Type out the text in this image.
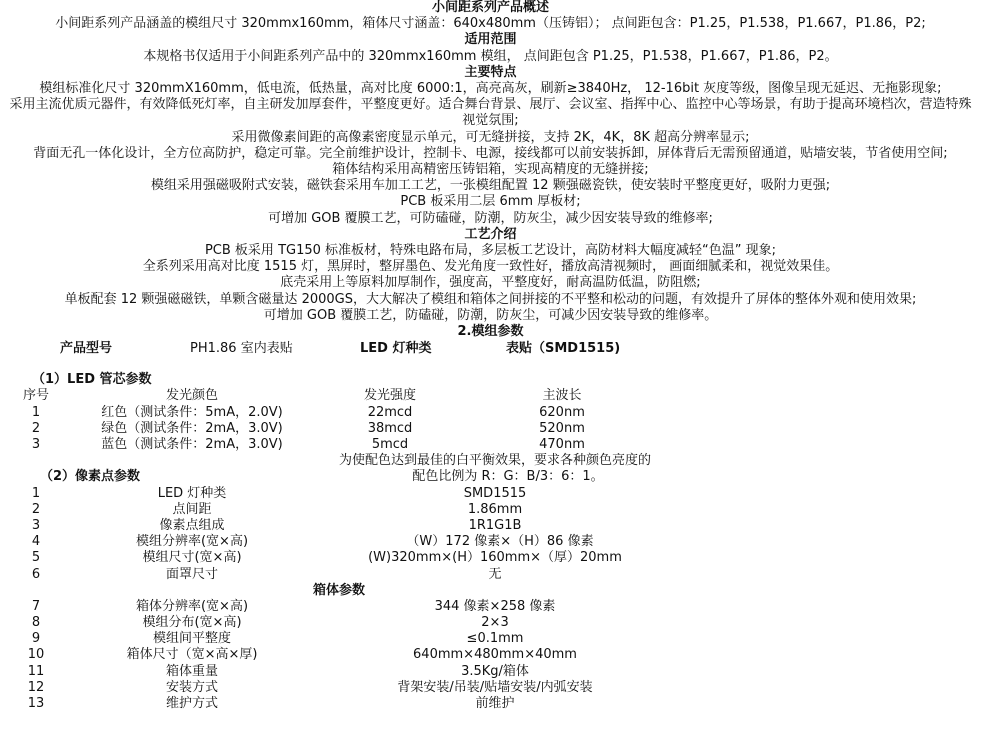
小间距系列产品概述

小间距系列产品涵盖的模组尺寸 320mmx160mm，箱体尺寸涵盖：640x480mm（压铸铝）； 点间距包含：P1.25，P1.538，P1.667，P1.86，P2;

适用范围

本规格书仅适用于小间距系列产品中的 320mmx160mm 模组， 点间距包含 P1.25，P1.538，P1.667，P1.86，P2。

主要特点

模组标准化尺寸 320mmX160mm，低电流，低热量，高对比度 6000:1，高亮高灰，刷新≥3840Hz， 12-16bit 灰度等级，图像呈现无延迟、无拖影现象;

采用主流优质元器件，有效降低死灯率，自主研发加厚套件，平整度更好。适合舞台背景、展厅、会议室、指挥中心、监控中心等场景，有助于提高环境档次，营造特殊视觉氛围;

采用微像素间距的高像素密度显示单元，可无缝拼接，支持 2K，4K，8K 超高分辨率显示;

背面无孔一体化设计，全方位高防护，稳定可靠。完全前维护设计，控制卡、电源，接线都可以前安装拆卸，屏体背后无需预留通道，贴墙安装，节省使用空间;

箱体结构采用高精密压铸铝箱，实现高精度的无缝拼接;

模组采用强磁吸附式安装，磁铁套采用车加工工艺，一张模组配置 12 颗强磁瓷铁，使安装时平整度更好，吸附力更强;

PCB 板采用二层 6mm 厚板材;

可增加 GOB 覆膜工艺，可防磕碰，防潮，防灰尘，减少因安装导致的维修率;

工艺介绍

PCB 板采用 TG150 标准板材，特殊电路布局，多层板工艺设计，高防材料大幅度减轻“色温” 现象;

全系列采用高对比度 1515 灯，黑屏时，整屏墨色、发光角度一致性好，播放高清视频时， 画面细腻柔和，视觉效果佳。

底壳采用上等原料加厚制作，强度高，平整度好，耐高温防低温，防阻燃;

单板配套 12 颗强磁磁铁，单颗含磁量达 2000GS，大大解决了模组和箱体之间拼接的不平整和松动的问题，有效提升了屏体的整体外观和使用效果;

可增加 GOB 覆膜工艺，防磕碰，防潮，防灰尘，可减少因安装导致的维修率。

2.模组参数
产品型号	PH1.86 室内表贴	LED 灯种类	表贴（SMD1515)
（1）LED 管芯参数
序号	发光颜色	发光强度	主波长
1	红色（测试条件：5mA，2.0V)	22mcd	620nm
2	绿色（测试条件：2mA，3.0V)	38mcd	520nm
3	蓝色（测试条件：2mA，3.0V)	5mcd	470nm
为使配色达到最佳的白平衡效果，要求各种颜色亮度的
（2）像素点参数	配色比例为 R：G：B/3：6：1。
1	LED 灯种类	SMD1515
2	点间距	1.86mm
3	像素点组成	1R1G1B
4	模组分辨率(宽×高)	（W）172 像素×（H）86 像素
5	模组尺寸(宽×高)	(W)320mm×(H）160mm×（厚）20mm
6	面罩尺寸	无
箱体参数
7	箱体分辨率(宽×高)	344 像素×258 像素
8	模组分布(宽×高)	2×3
9	模组间平整度	≤0.1mm
10	箱体尺寸（宽×高×厚)	640mm×480mm×40mm
11	箱体重量	3.5Kg/箱体
12	安装方式	背架安装/吊装/贴墙安装/内弧安装
13	维护方式	前维护
